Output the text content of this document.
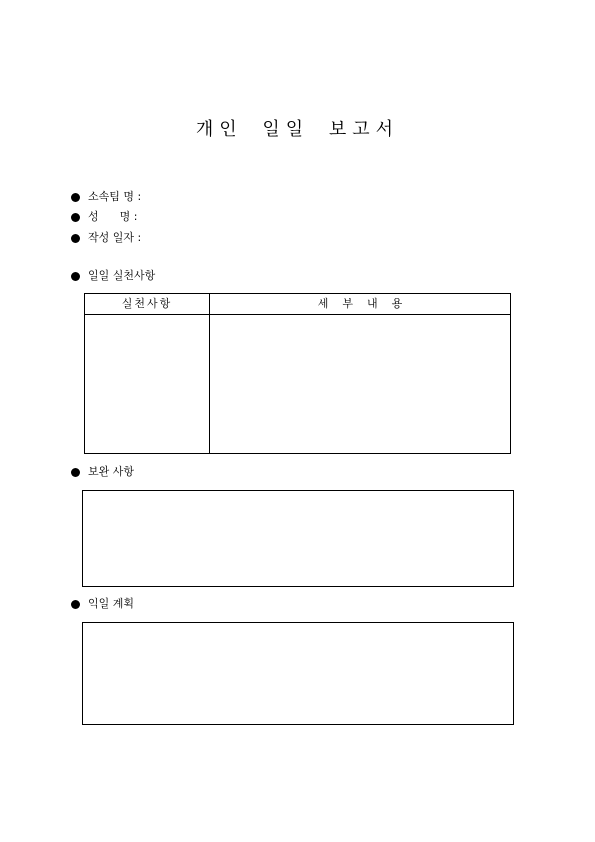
개인 일일 보고서
소속팀 명 :
성      명 :
작성 일자 :
일일 실천사항
실천사항	세    부    내    용
보완 사항
익일 계획
